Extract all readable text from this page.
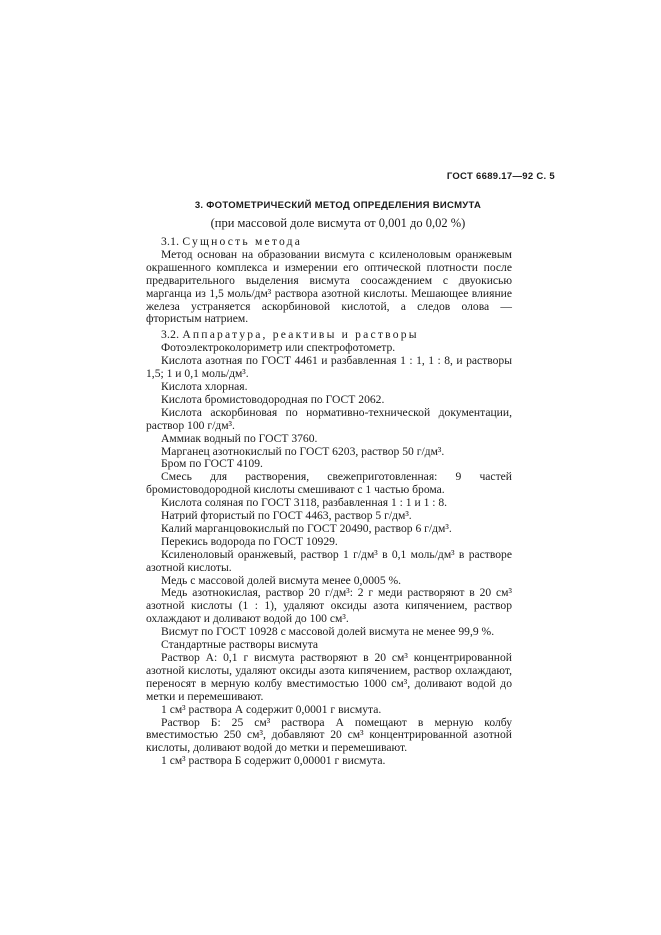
ГОСТ 6689.17—92 С. 5
3. ФОТОМЕТРИЧЕСКИЙ МЕТОД ОПРЕДЕЛЕНИЯ ВИСМУТА
(при массовой доле висмута от 0,001 до 0,02 %)

3.1. Сущность метода

Метод основан на образовании висмута с ксиленоловым оранжевым окрашенного комплекса и измерении его оптической плотности после предварительного выделения висмута соосаждением с двуокисью марганца из 1,5 моль/дм³ раствора азотной кислоты. Мешающее влияние железа устраняется аскорбиновой кислотой, а следов олова — фтористым натрием.

3.2. Аппаратура, реактивы и растворы

Фотоэлектроколориметр или спектрофотометр.

Кислота азотная по ГОСТ 4461 и разбавленная 1 : 1, 1 : 8, и растворы 1,5; 1 и 0,1 моль/дм³.

Кислота хлорная.

Кислота бромистоводородная по ГОСТ 2062.

Кислота аскорбиновая по нормативно-технической документации, раствор 100 г/дм³.

Аммиак водный по ГОСТ 3760.

Марганец азотнокислый по ГОСТ 6203, раствор 50 г/дм³.

Бром по ГОСТ 4109.

Смесь для растворения, свежеприготовленная: 9 частей бромистоводородной кислоты смешивают с 1 частью брома.

Кислота соляная по ГОСТ 3118, разбавленная 1 : 1 и 1 : 8.

Натрий фтористый по ГОСТ 4463, раствор 5 г/дм³.

Калий марганцовокислый по ГОСТ 20490, раствор 6 г/дм³.

Перекись водорода по ГОСТ 10929.

Ксиленоловый оранжевый, раствор 1 г/дм³ в 0,1 моль/дм³ в растворе азотной кислоты.

Медь с массовой долей висмута менее 0,0005 %.

Медь азотнокислая, раствор 20 г/дм³: 2 г меди растворяют в 20 см³ азотной кислоты (1 : 1), удаляют оксиды азота кипячением, раствор охлаждают и доливают водой до 100 см³.

Висмут по ГОСТ 10928 с массовой долей висмута не менее 99,9 %.

Стандартные растворы висмута

Раствор А: 0,1 г висмута растворяют в 20 см³ концентрированной азотной кислоты, удаляют оксиды азота кипячением, раствор охлаждают, переносят в мерную колбу вместимостью 1000 см³, доливают водой до метки и перемешивают.

1 см³ раствора А содержит 0,0001 г висмута.

Раствор Б: 25 см³ раствора А помещают в мерную колбу вместимостью 250 см³, добавляют 20 см³ концентрированной азотной кислоты, доливают водой до метки и перемешивают.

1 см³ раствора Б содержит 0,00001 г висмута.
